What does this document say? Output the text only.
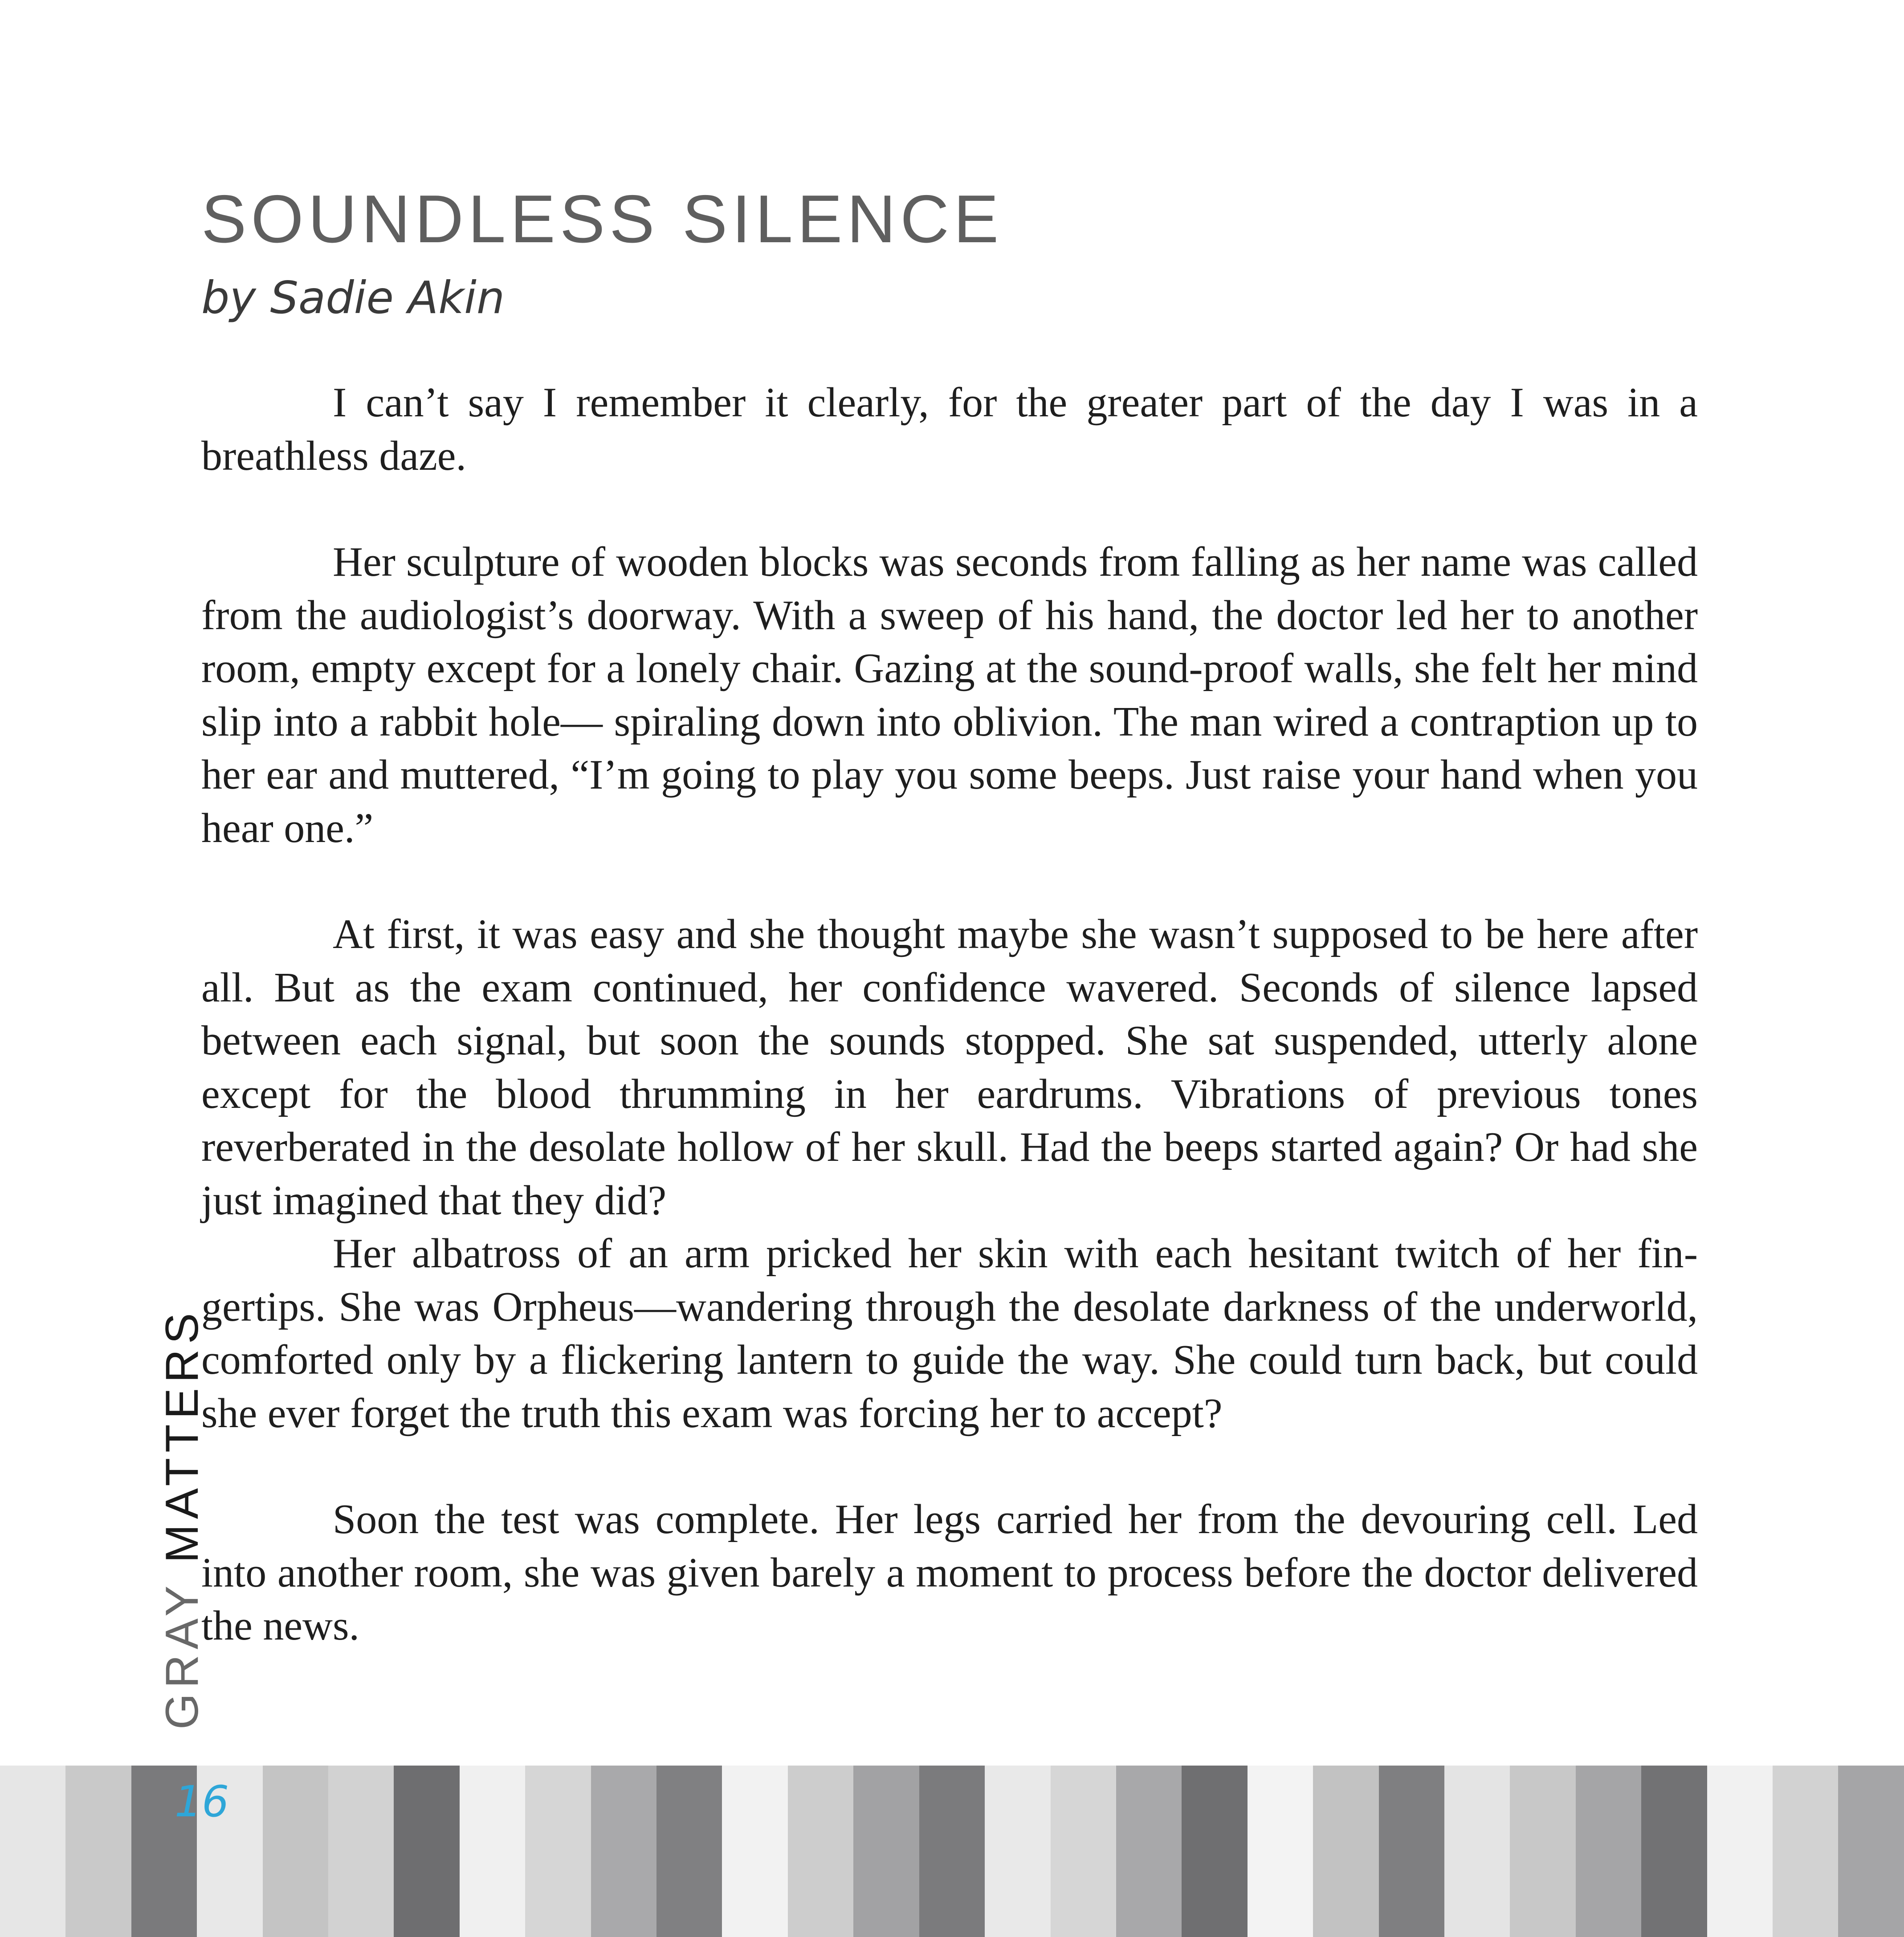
SOUNDLESS SILENCE
by Sadie Akin

I can’t say I remember it clearly, for the greater part of the day I was in a breathless daze.

Her sculpture of wooden blocks was seconds from falling as her name was called from the audiologist’s doorway. With a sweep of his hand, the doctor led her to another room, empty except for a lonely chair. Gazing at the sound-proof walls, she felt her mind slip into a rabbit hole— spiraling down into oblivion. The man wired a contraption up to her ear and muttered, “I’m going to play you some beeps. Just raise your hand when you hear one.”

At first, it was easy and she thought maybe she wasn’t supposed to be here after all. But as the exam continued, her confidence wavered. Seconds of silence lapsed between each signal, but soon the sounds stopped. She sat suspended, utterly alone except for the blood thrumming in her eardrums. Vibrations of previous tones reverberated in the desolate hollow of her skull. Had the beeps started again? Or had she just imagined that they did?

Her albatross of an arm pricked her skin with each hesitant twitch of her fingertips. She was Orpheus—wandering through the desolate darkness of the underworld, comforted only by a flickering lantern to guide the way. She could turn back, but could she ever forget the truth this exam was forcing her to accept?

Soon the test was complete. Her legs carried her from the devouring cell. Led into another room, she was given barely a moment to process before the doctor delivered the news.

GRAY MATTERS
16
